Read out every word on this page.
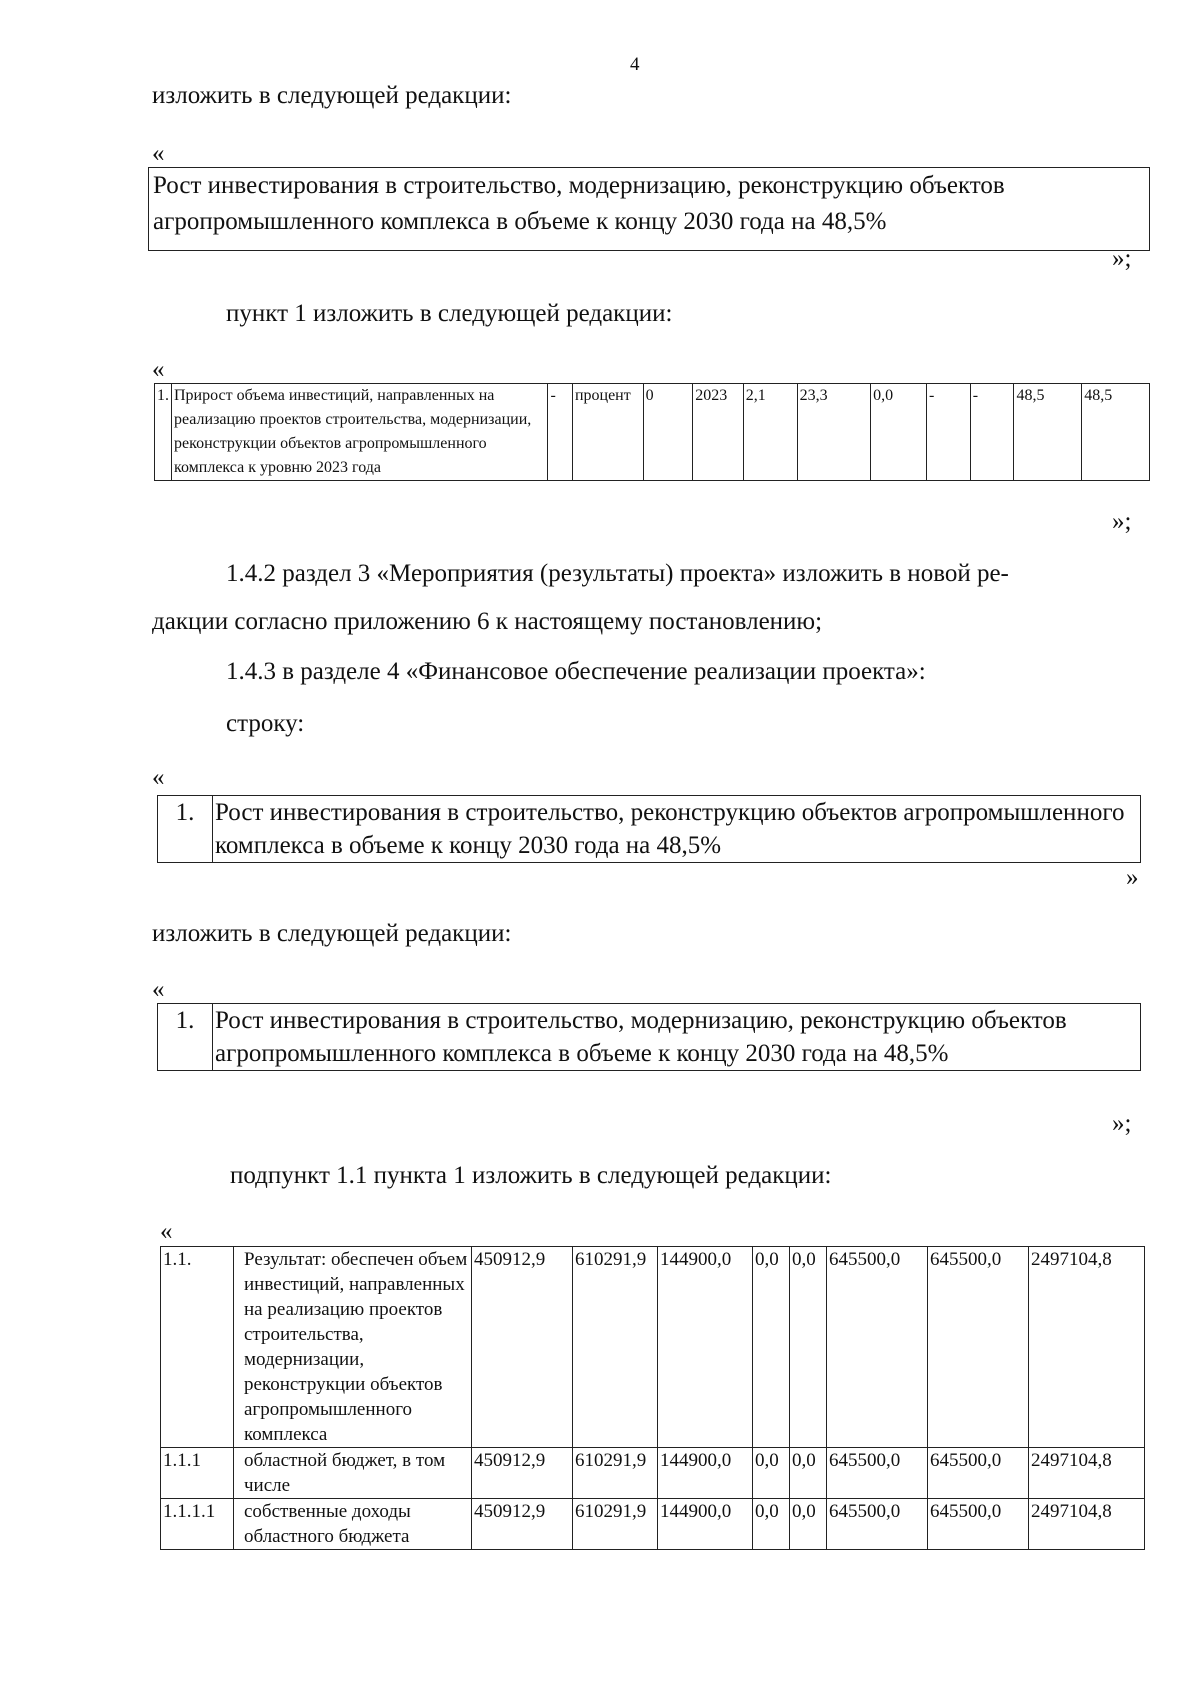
4
изложить в следующей редакции:
«
Рост инвестирования в строительство, модернизацию, реконструкцию объектов агропромышленного комплекса в объеме к концу 2030 года на 48,5%
»;
пункт 1 изложить в следующей редакции:
«
1.	Прирост объема инвестиций, направленных на реализацию проектов строительства, модернизации, реконструкции объектов агропромышленного комплекса к уровню 2023 года	-	процент	0	2023	2,1	23,3	0,0	-	-	48,5	48,5
»;
1.4.2 раздел 3 «Мероприятия (результаты) проекта» изложить в новой ре-
дакции согласно приложению 6 к настоящему постановлению;
1.4.3 в разделе 4 «Финансовое обеспечение реализации проекта»:
строку:
«
1.	Рост инвестирования в строительство, реконструкцию объектов агропромышленного комплекса в объеме к концу 2030 года на 48,5%
»
изложить в следующей редакции:
«
1.	Рост инвестирования в строительство, модернизацию, реконструкцию объектов агропромышленного комплекса в объеме к концу 2030 года на 48,5%
»;
подпункт 1.1 пункта 1 изложить в следующей редакции:
«
1.1.	Результат: обеспечен объем инвестиций, направленных на реализацию проектов строительства, модернизации, реконструкции объектов агропромышленного комплекса	450912,9	610291,9	144900,0	0,0	0,0	645500,0	645500,0	2497104,8
1.1.1	областной бюджет, в том числе	450912,9	610291,9	144900,0	0,0	0,0	645500,0	645500,0	2497104,8
1.1.1.1	собственные доходы областного бюджета	450912,9	610291,9	144900,0	0,0	0,0	645500,0	645500,0	2497104,8
